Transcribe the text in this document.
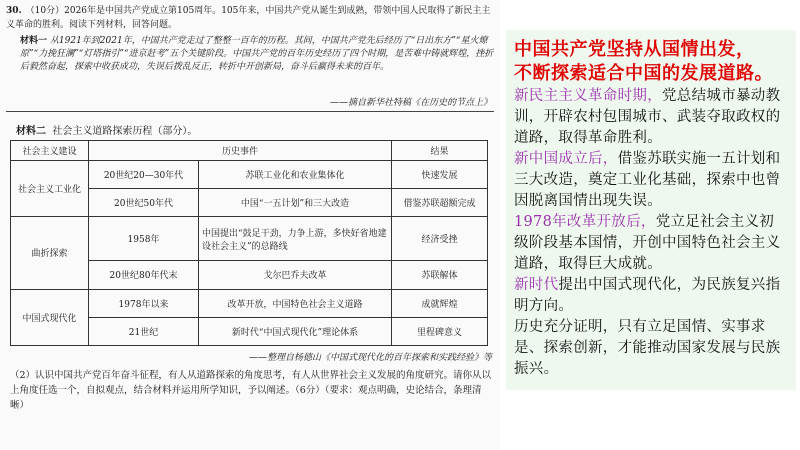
30. （10分）2026年是中国共产党成立第105周年。105年来，中国共产党从诞生到成熟，带领中国人民取得了新民主主义革命的胜利。阅读下列材料，回答问题。
材料一 从1921年到2021年，中国共产党走过了整整一百年的历程。其间，中国共产党先后经历了“日出东方”“星火燎原”“力挽狂澜”“灯塔指引”“进京赶考”五个关键阶段。中国共产党的百年历史经历了四个时期，是苦难中铸就辉煌，挫折后毅然奋起，探索中收获成功，失误后拨乱反正，转折中开创新局，奋斗后赢得未来的百年。
——摘自新华社特稿《在历史的节点上》
材料二 社会主义道路探索历程（部分）。
社会主义建设	历史事件		结果
社会主义工业化	20世纪20—30年代	苏联工业化和农业集体化	快速发展
	20世纪50年代	中国“一五计划”和三大改造	借鉴苏联超额完成
曲折探索	1958年	中国提出“鼓足干劲，力争上游，多快好省地建设社会主义”的总路线	经济受挫
	20世纪80年代末	戈尔巴乔夫改革	苏联解体
中国式现代化	1978年以来	改革开放，中国特色社会主义道路	成就辉煌
	21世纪	新时代“中国式现代化”理论体系	里程碑意义
——整理自杨德山《中国式现代化的百年探索和实践经验》等
（2）认识中国共产党百年奋斗征程，有人从道路探索的角度思考，有人从世界社会主义发展的角度研究。请你从以上角度任选一个，自拟观点，结合材料并运用所学知识，予以阐述。（6分）（要求：观点明确，史论结合，条理清晰）
中国共产党坚持从国情出发，
不断探索适合中国的发展道路。
新民主主义革命时期，党总结城市暴动教训，开辟农村包围城市、武装夺取政权的道路，取得革命胜利。
新中国成立后，借鉴苏联实施一五计划和三大改造，奠定工业化基础，探索中也曾因脱离国情出现失误。
1978年改革开放后，党立足社会主义初级阶段基本国情，开创中国特色社会主义道路，取得巨大成就。
新时代提出中国式现代化，为民族复兴指明方向。
历史充分证明，只有立足国情、实事求是、探索创新，才能推动国家发展与民族振兴。
